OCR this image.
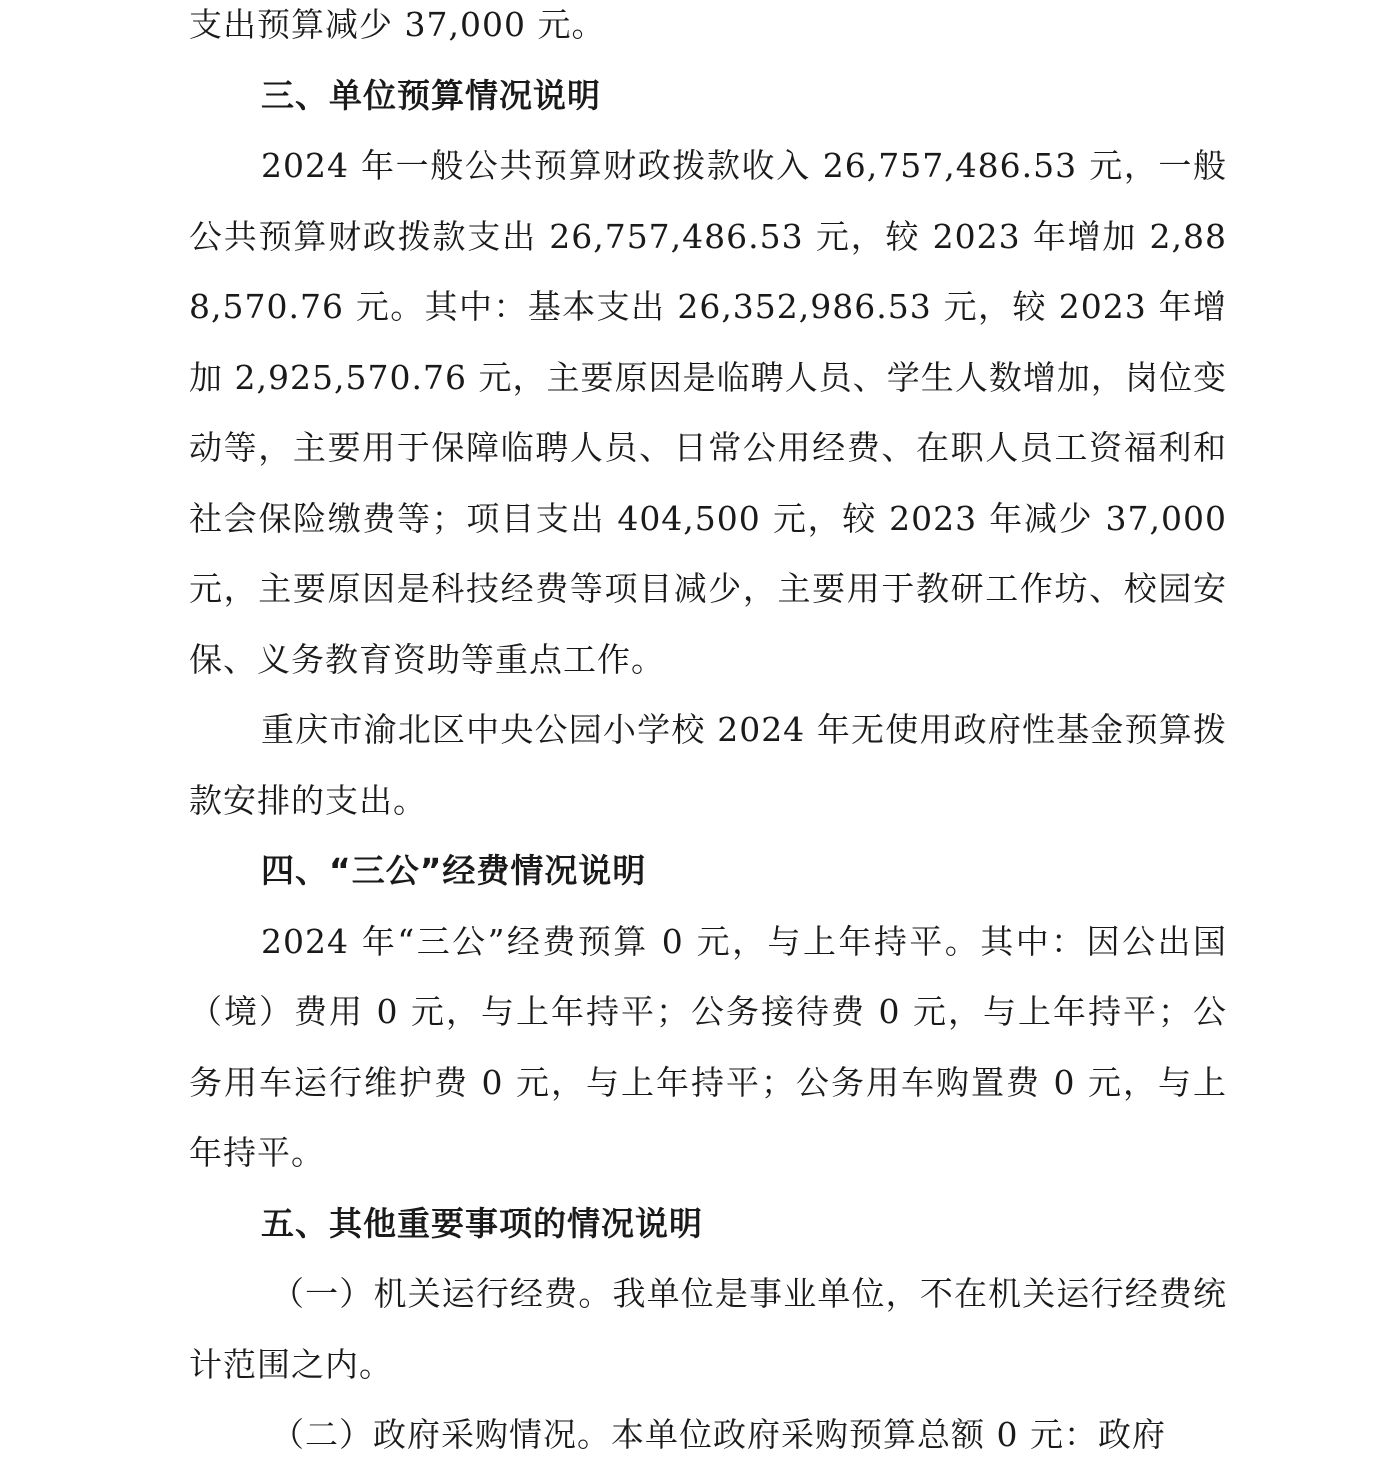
支出预算减少 37,000 元。

三、单位预算情况说明

2024 年一般公共预算财政拨款收入 26,757,486.53 元，一般公共预算财政拨款支出 26,757,486.53 元，较 2023 年增加 2,888,570.76 元。其中：基本支出 26,352,986.53 元，较 2023 年增加 2,925,570.76 元，主要原因是临聘人员、学生人数增加，岗位变动等，主要用于保障临聘人员、日常公用经费、在职人员工资福利和社会保险缴费等；项目支出 404,500 元，较 2023 年减少 37,000 元，主要原因是科技经费等项目减少，主要用于教研工作坊、校园安保、义务教育资助等重点工作。

重庆市渝北区中央公园小学校 2024 年无使用政府性基金预算拨款安排的支出。

四、“三公”经费情况说明

2024 年“三公”经费预算 0 元，与上年持平。其中：因公出国（境）费用 0 元，与上年持平；公务接待费 0 元，与上年持平；公务用车运行维护费 0 元，与上年持平；公务用车购置费 0 元，与上年持平。

五、其他重要事项的情况说明

（一）机关运行经费。我单位是事业单位，不在机关运行经费统计范围之内。

（二）政府采购情况。本单位政府采购预算总额 0 元：政府
